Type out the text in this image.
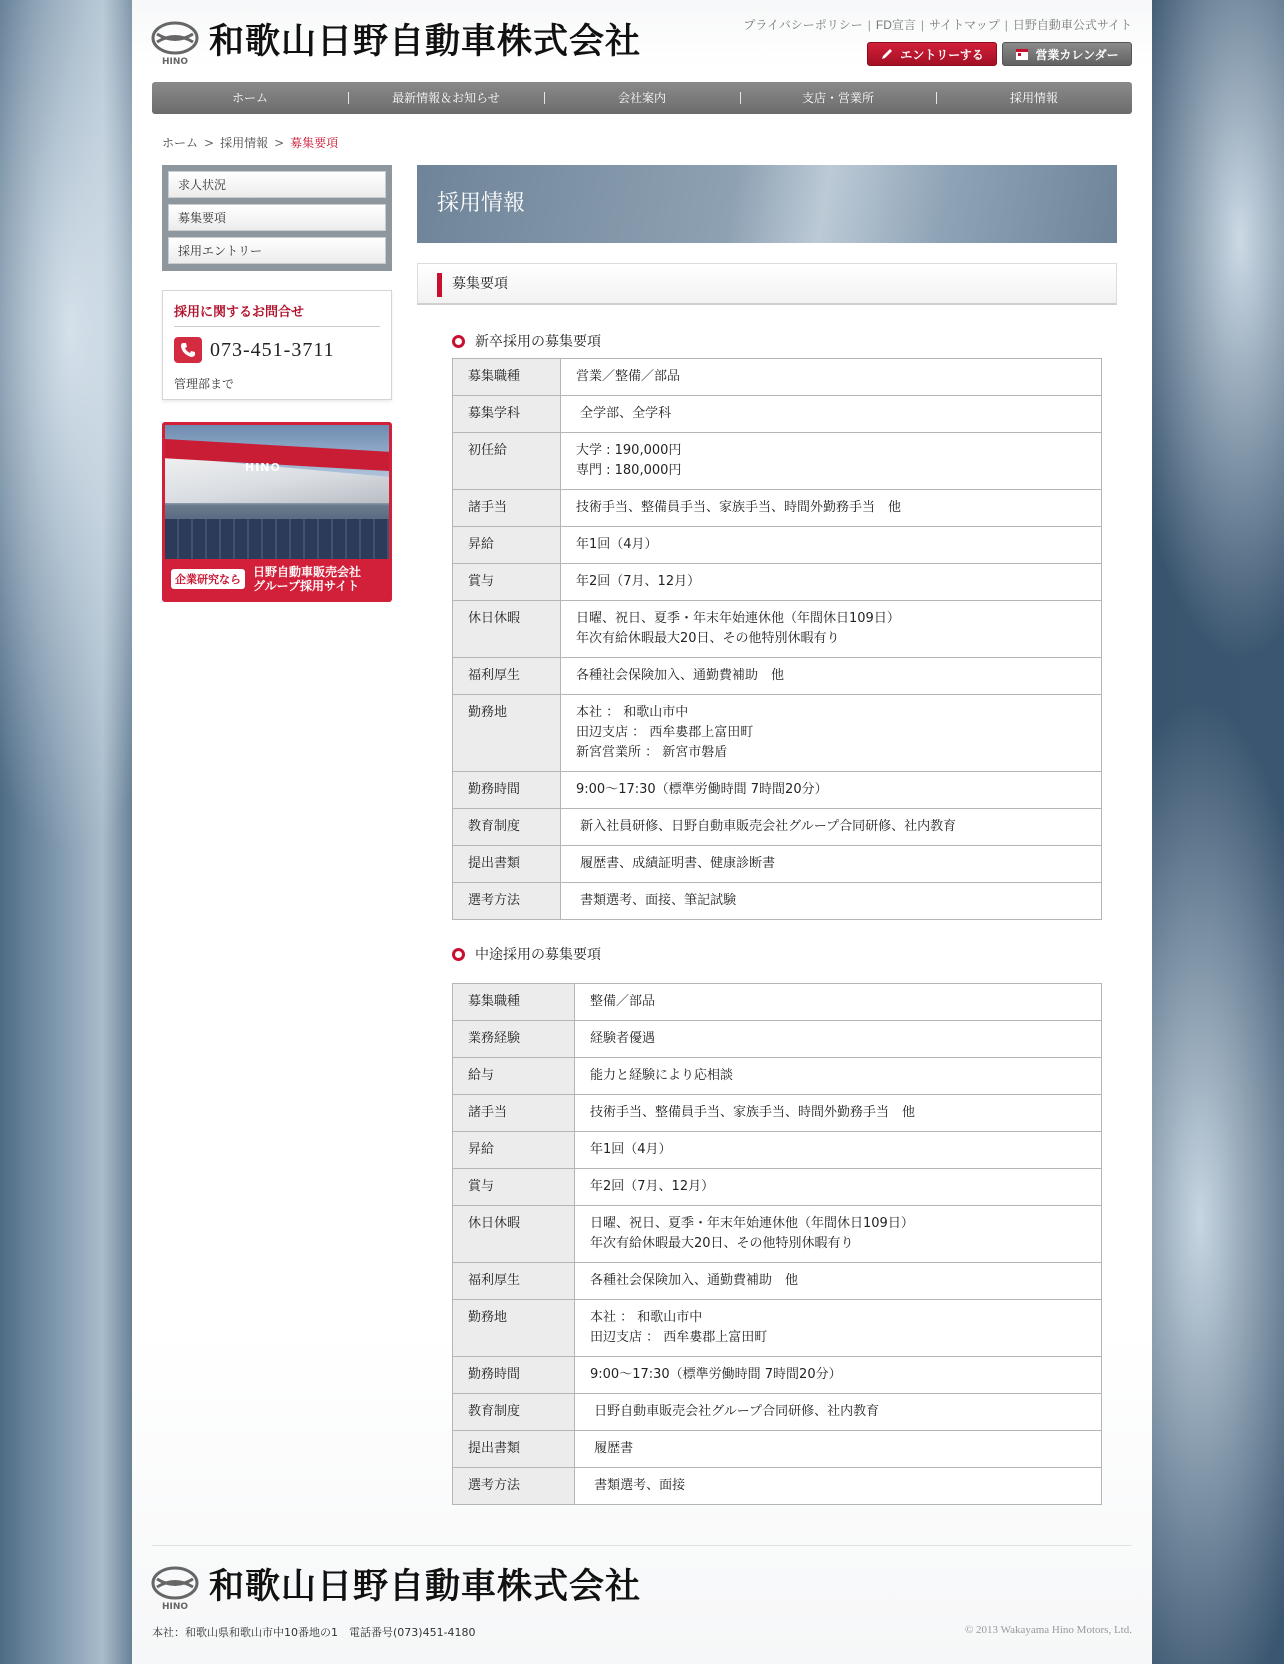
HINO 和歌山日野自動車株式会社	プライバシーポリシー | FD宣言 | サイトマップ | 日野自動車公式サイト
エントリーする	営業カレンダー
ホーム	最新情報＆お知らせ	会社案内	支店・営業所	採用情報
ホーム > 採用情報 > 募集要項
求人状況
募集要項
採用エントリー
採用に関するお問合せ
073-451-3711
管理部まで
HINO
企業研究なら
日野自動車販売会社
グループ採用サイト
採用情報
募集要項
新卒採用の募集要項
募集職種	営業／整備／部品
募集学科	全学部、全学科
初任給	大学 : 190,000円
専門 : 180,000円
諸手当	技術手当、整備員手当、家族手当、時間外勤務手当　他
昇給	年1回（4月）
賞与	年2回（7月、12月）
休日休暇	日曜、祝日、夏季・年末年始連休他（年間休日109日）
年次有給休暇最大20日、その他特別休暇有り
福利厚生	各種社会保険加入、通勤費補助　他
勤務地	本社 ： 和歌山市中
田辺支店 ： 西牟婁郡上富田町
新宮営業所 ： 新宮市磐盾
勤務時間	9:00～17:30（標準労働時間 7時間20分）
教育制度	新入社員研修、日野自動車販売会社グループ合同研修、社内教育
提出書類	履歴書、成績証明書、健康診断書
選考方法	書類選考、面接、筆記試験
中途採用の募集要項
募集職種	整備／部品
業務経験	経験者優遇
給与	能力と経験により応相談
諸手当	技術手当、整備員手当、家族手当、時間外勤務手当　他
昇給	年1回（4月）
賞与	年2回（7月、12月）
休日休暇	日曜、祝日、夏季・年末年始連休他（年間休日109日）
年次有給休暇最大20日、その他特別休暇有り
福利厚生	各種社会保険加入、通勤費補助　他
勤務地	本社 ： 和歌山市中
田辺支店 ： 西牟婁郡上富田町
勤務時間	9:00～17:30（標準労働時間 7時間20分）
教育制度	日野自動車販売会社グループ合同研修、社内教育
提出書類	履歴書
選考方法	書類選考、面接
HINO 和歌山日野自動車株式会社
本社：和歌山県和歌山市中10番地の1　電話番号(073)451-4180	© 2013 Wakayama Hino Motors, Ltd.
